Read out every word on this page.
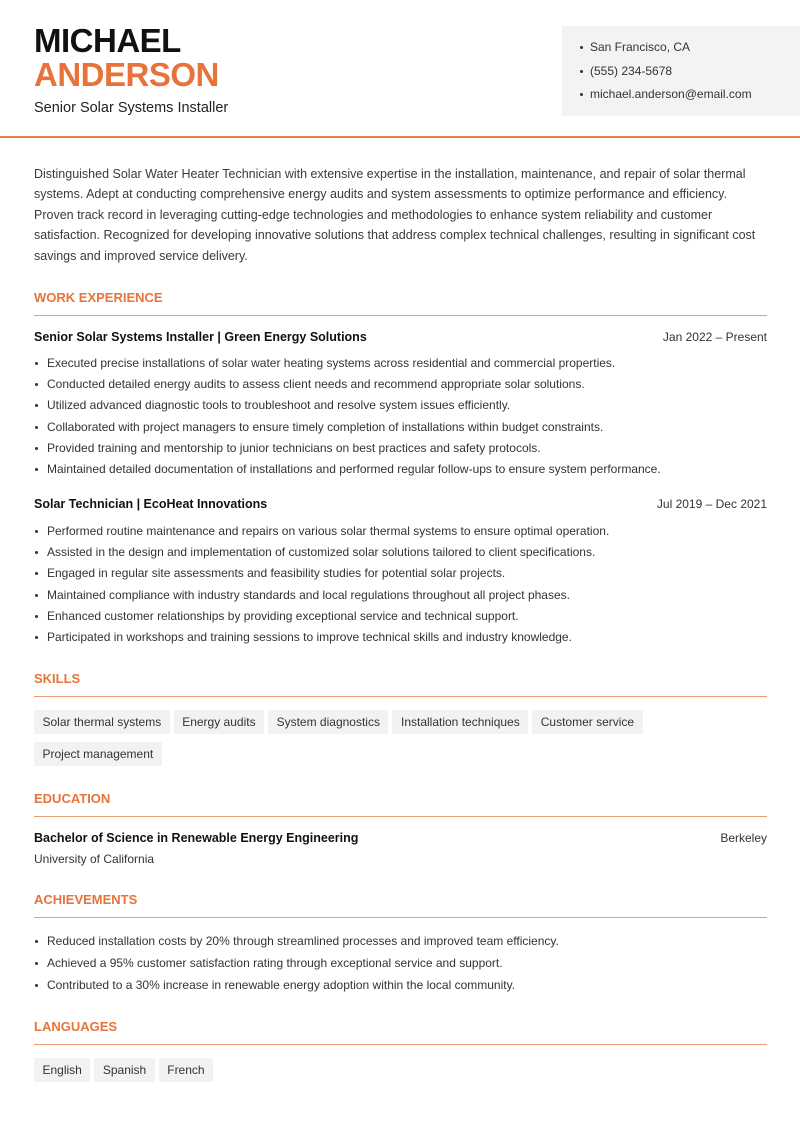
MICHAEL
ANDERSON
Senior Solar Systems Installer
San Francisco, CA
(555) 234-5678
michael.anderson@email.com
Distinguished Solar Water Heater Technician with extensive expertise in the installation, maintenance, and repair of solar thermal systems. Adept at conducting comprehensive energy audits and system assessments to optimize performance and efficiency. Proven track record in leveraging cutting-edge technologies and methodologies to enhance system reliability and customer satisfaction. Recognized for developing innovative solutions that address complex technical challenges, resulting in significant cost savings and improved service delivery.
WORK EXPERIENCE
Senior Solar Systems Installer | Green Energy Solutions	Jan 2022 – Present
Executed precise installations of solar water heating systems across residential and commercial properties.
Conducted detailed energy audits to assess client needs and recommend appropriate solar solutions.
Utilized advanced diagnostic tools to troubleshoot and resolve system issues efficiently.
Collaborated with project managers to ensure timely completion of installations within budget constraints.
Provided training and mentorship to junior technicians on best practices and safety protocols.
Maintained detailed documentation of installations and performed regular follow-ups to ensure system performance.
Solar Technician | EcoHeat Innovations	Jul 2019 – Dec 2021
Performed routine maintenance and repairs on various solar thermal systems to ensure optimal operation.
Assisted in the design and implementation of customized solar solutions tailored to client specifications.
Engaged in regular site assessments and feasibility studies for potential solar projects.
Maintained compliance with industry standards and local regulations throughout all project phases.
Enhanced customer relationships by providing exceptional service and technical support.
Participated in workshops and training sessions to improve technical skills and industry knowledge.
SKILLS
Solar thermal systems Energy audits System diagnostics Installation techniques Customer service
Project management
EDUCATION
Bachelor of Science in Renewable Energy Engineering	Berkeley
University of California
ACHIEVEMENTS
Reduced installation costs by 20% through streamlined processes and improved team efficiency.
Achieved a 95% customer satisfaction rating through exceptional service and support.
Contributed to a 30% increase in renewable energy adoption within the local community.
LANGUAGES
English Spanish French
